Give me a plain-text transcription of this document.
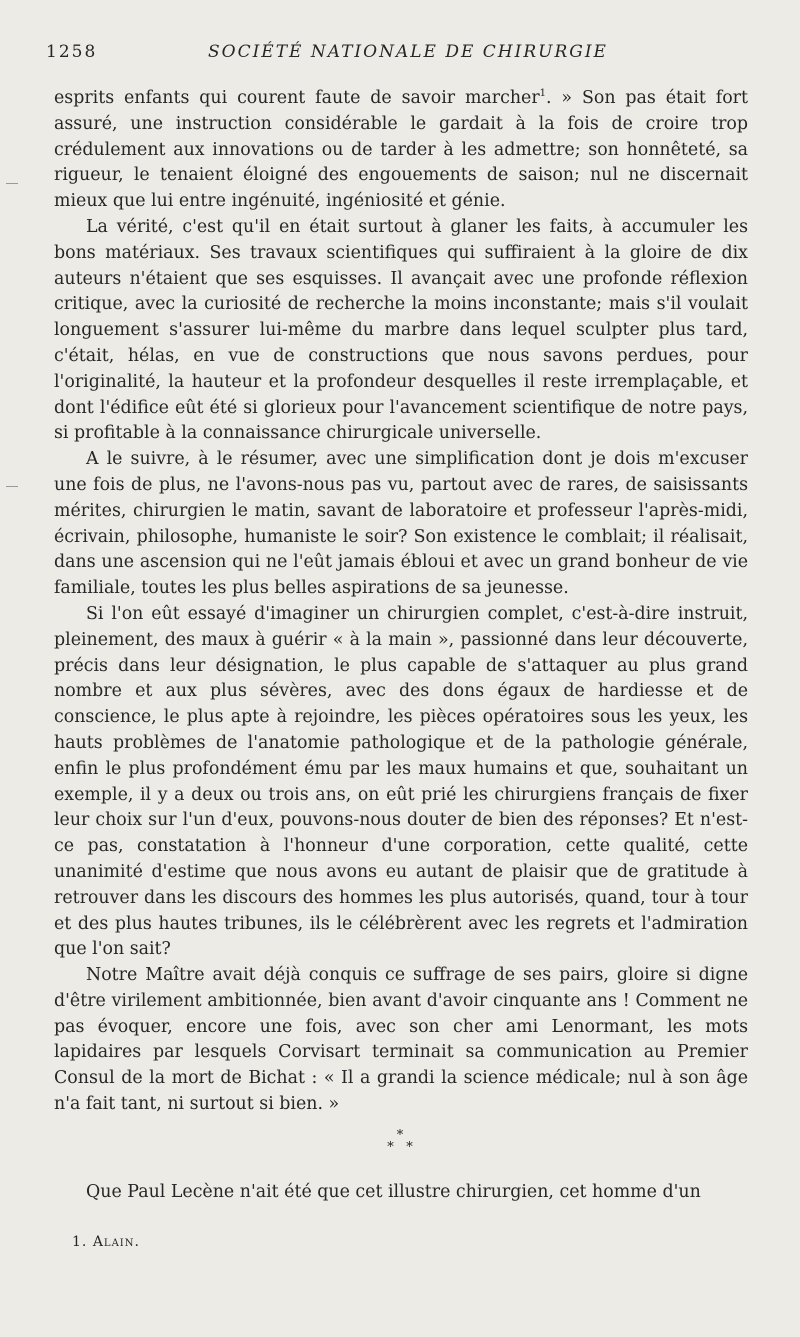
1258	SOCIÉTÉ NATIONALE DE CHIRURGIE

esprits enfants qui courent faute de savoir marcher$^1$. » Son pas était fort assuré, une instruction considérable le gardait à la fois de croire trop crédulement aux innovations ou de tarder à les admettre; son honnêteté, sa rigueur, le tenaient éloigné des engouements de saison; nul ne discernait mieux que lui entre ingénuité, ingéniosité et génie.

La vérité, c'est qu'il en était surtout à glaner les faits, à accumuler les bons matériaux. Ses travaux scientifiques qui suffiraient à la gloire de dix auteurs n'étaient que ses esquisses. Il avançait avec une profonde réflexion critique, avec la curiosité de recherche la moins inconstante; mais s'il voulait longuement s'assurer lui-même du marbre dans lequel sculpter plus tard, c'était, hélas, en vue de constructions que nous savons perdues, pour l'originalité, la hauteur et la profondeur desquelles il reste irremplaçable, et dont l'édifice eût été si glorieux pour l'avancement scientifique de notre pays, si profitable à la connaissance chirurgicale universelle.

A le suivre, à le résumer, avec une simplification dont je dois m'excuser une fois de plus, ne l'avons-nous pas vu, partout avec de rares, de saisissants mérites, chirurgien le matin, savant de laboratoire et professeur l'après-midi, écrivain, philosophe, humaniste le soir? Son existence le comblait; il réalisait, dans une ascension qui ne l'eût jamais ébloui et avec un grand bonheur de vie familiale, toutes les plus belles aspirations de sa jeunesse.

Si l'on eût essayé d'imaginer un chirurgien complet, c'est-à-dire instruit, pleinement, des maux à guérir « à la main », passionné dans leur découverte, précis dans leur désignation, le plus capable de s'attaquer au plus grand nombre et aux plus sévères, avec des dons égaux de hardiesse et de conscience, le plus apte à rejoindre, les pièces opératoires sous les yeux, les hauts problèmes de l'anatomie pathologique et de la pathologie générale, enfin le plus profondément ému par les maux humains et que, souhaitant un exemple, il y a deux ou trois ans, on eût prié les chirurgiens français de fixer leur choix sur l'un d'eux, pouvons-nous douter de bien des réponses? Et n'est-ce pas, constatation à l'honneur d'une corporation, cette qualité, cette unanimité d'estime que nous avons eu autant de plaisir que de gratitude à retrouver dans les discours des hommes les plus autorisés, quand, tour à tour et des plus hautes tribunes, ils le célébrèrent avec les regrets et l'admiration que l'on sait?

Notre Maître avait déjà conquis ce suffrage de ses pairs, gloire si digne d'être virilement ambitionnée, bien avant d'avoir cinquante ans ! Comment ne pas évoquer, encore une fois, avec son cher ami Lenormant, les mots lapidaires par lesquels Corvisart terminait sa communication au Premier Consul de la mort de Bichat : « Il a grandi la science médicale; nul à son âge n'a fait tant, ni surtout si bien. »

*
*   *
Que Paul Lecène n'ait été que cet illustre chirurgien, cet homme d'un
1. Alain.
